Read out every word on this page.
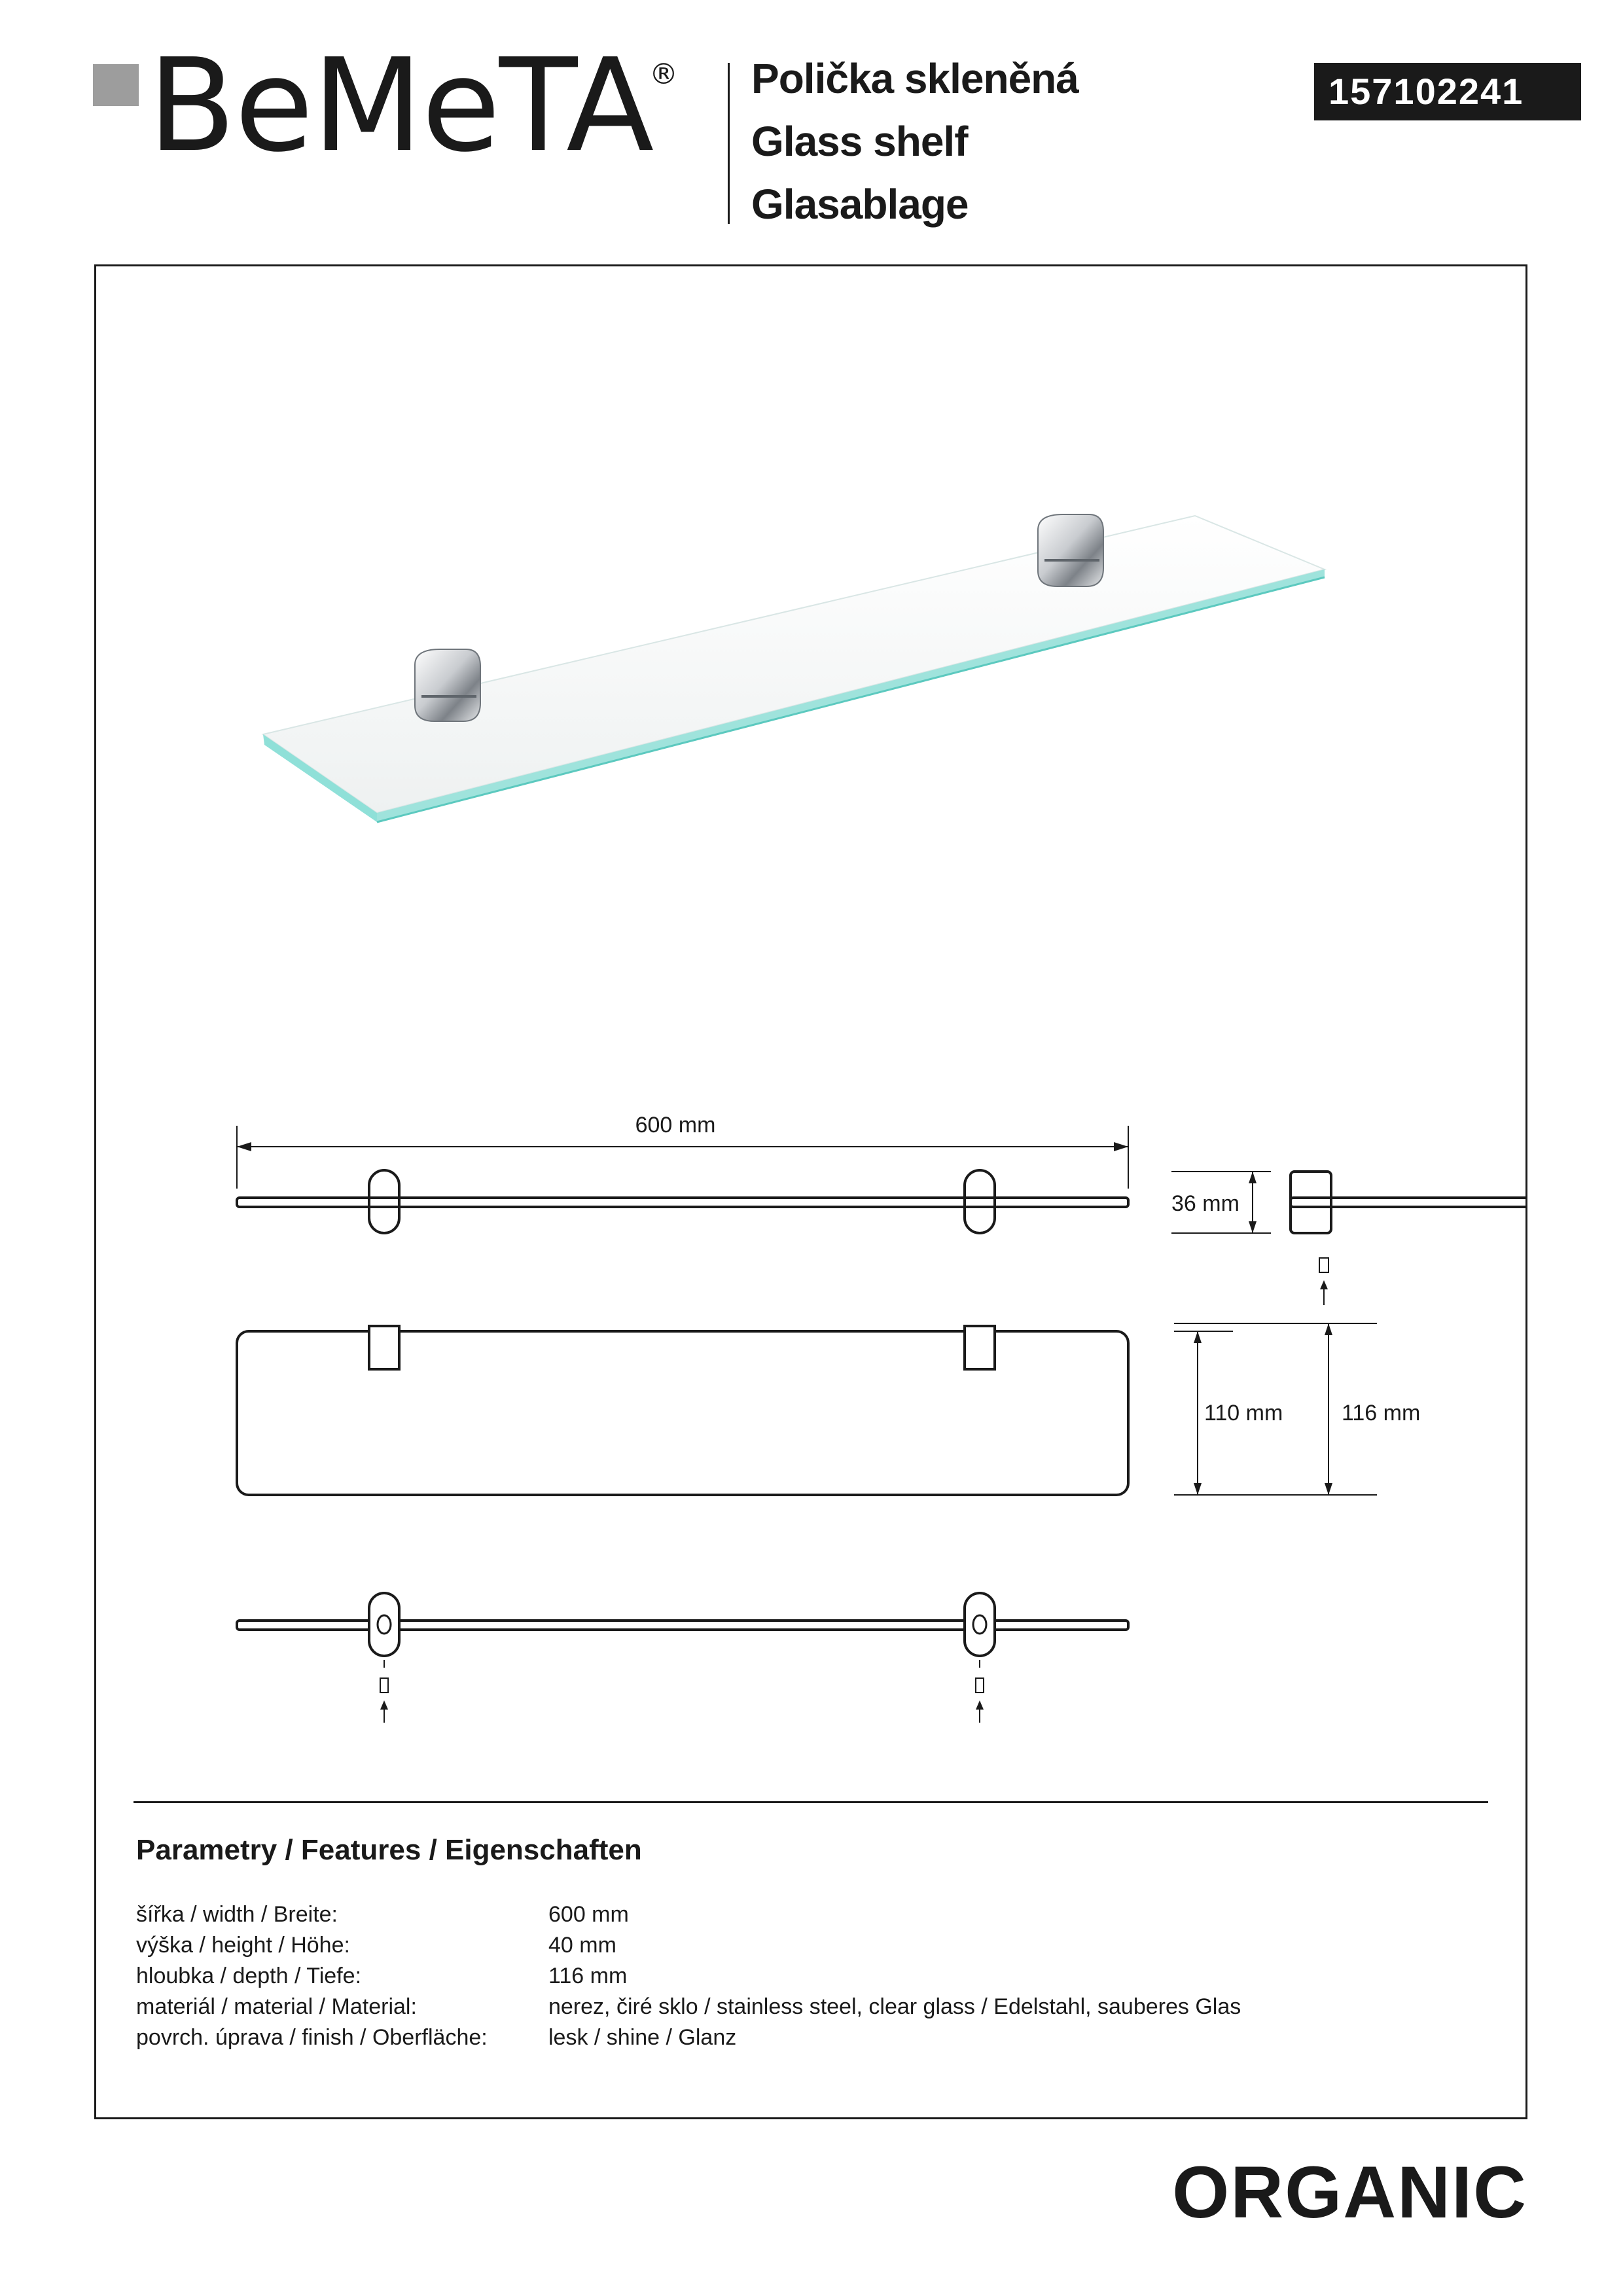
BeMeTA
® Polička skleněná
Glass shelf
Glasablage
157102241
600 mm
36 mm
110 mm	116 mm
Parametry / Features / Eigenschaften
šířka / width / Breite:	600 mm
výška / height / Höhe:	40 mm
hloubka / depth / Tiefe:	116 mm
materiál / material / Material:	nerez, čiré sklo / stainless steel, clear glass / Edelstahl, sauberes Glas
povrch. úprava / finish / Oberfläche:	lesk / shine / Glanz
ORGANIC
